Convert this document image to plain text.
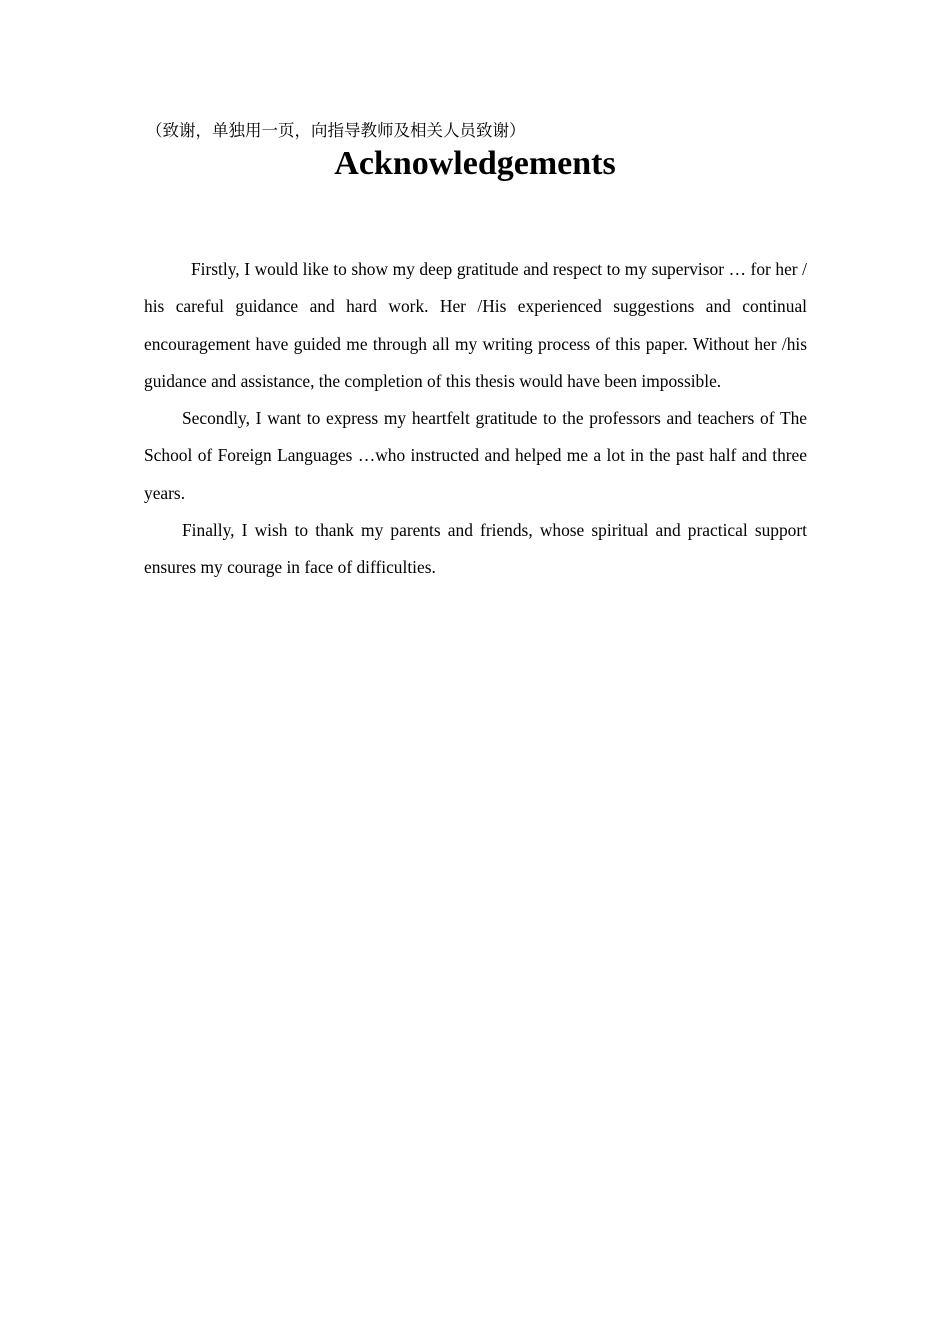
（致谢，单独用一页，向指导教师及相关人员致谢）
Acknowledgements

Firstly, I would like to show my deep gratitude and respect to my supervisor … for her / his careful guidance and hard work. Her /His experienced suggestions and continual encouragement have guided me through all my writing process of this paper. Without her /his guidance and assistance, the completion of this thesis would have been impossible.

Secondly, I want to express my heartfelt gratitude to the professors and teachers of The School of Foreign Languages …who instructed and helped me a lot in the past half and three years.

Finally, I wish to thank my parents and friends, whose spiritual and practical support ensures my courage in face of difficulties.
